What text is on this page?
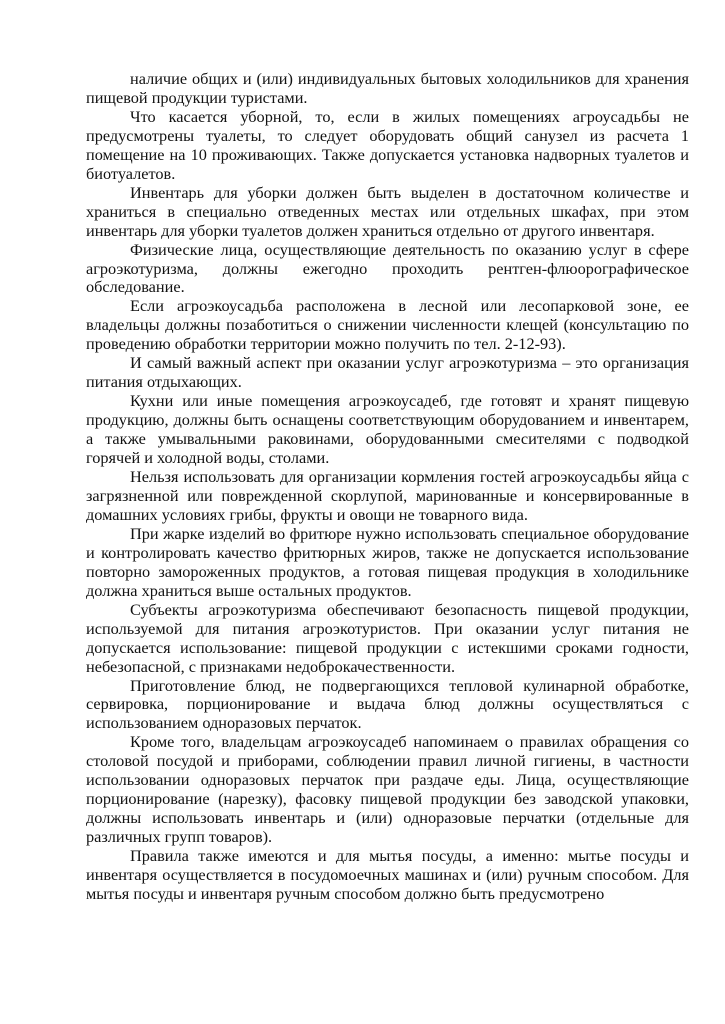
наличие общих и (или) индивидуальных бытовых холодильников для хранения пищевой продукции туристами.

Что касается уборной, то, если в жилых помещениях агроусадьбы не предусмотрены туалеты, то следует оборудовать общий санузел из расчета 1 помещение на 10 проживающих. Также допускается установка надворных туалетов и биотуалетов.

Инвентарь для уборки должен быть выделен в достаточном количестве и храниться в специально отведенных местах или отдельных шкафах, при этом инвентарь для уборки туалетов должен храниться отдельно от другого инвентаря.

Физические лица, осуществляющие деятельность по оказанию услуг в сфере агроэкотуризма, должны ежегодно проходить рентген-флюорографическое обследование.

Если агроэкоусадьба расположена в лесной или лесопарковой зоне, ее владельцы должны позаботиться о снижении численности клещей (консультацию по проведению обработки территории можно получить по тел. 2-12-93).

И самый важный аспект при оказании услуг агроэкотуризма – это организация питания отдыхающих.

Кухни или иные помещения агроэкоусадеб, где готовят и хранят пищевую продукцию, должны быть оснащены соответствующим оборудованием и инвентарем, а также умывальными раковинами, оборудованными смесителями с подводкой горячей и холодной воды, столами.

Нельзя использовать для организации кормления гостей агроэкоусадьбы яйца с загрязненной или поврежденной скорлупой, маринованные и консервированные в домашних условиях грибы, фрукты и овощи не товарного вида.

При жарке изделий во фритюре нужно использовать специальное оборудование и контролировать качество фритюрных жиров, также не допускается использование повторно замороженных продуктов, а готовая пищевая продукция в холодильнике должна храниться выше остальных продуктов.

Субъекты агроэкотуризма обеспечивают безопасность пищевой продукции, используемой для питания агроэкотуристов. При оказании услуг питания не допускается использование: пищевой продукции с истекшими сроками годности, небезопасной, с признаками недоброкачественности.

Приготовление блюд, не подвергающихся тепловой кулинарной обработке, сервировка, порционирование и выдача блюд должны осуществляться с использованием одноразовых перчаток.

Кроме того, владельцам агроэкоусадеб напоминаем о правилах обращения со столовой посудой и приборами, соблюдении правил личной гигиены, в частности использовании одноразовых перчаток при раздаче еды. Лица, осуществляющие порционирование (нарезку), фасовку пищевой продукции без заводской упаковки, должны использовать инвентарь и (или) одноразовые перчатки (отдельные для различных групп товаров).

Правила также имеются и для мытья посуды, а именно: мытье посуды и инвентаря осуществляется в посудомоечных машинах и (или) ручным способом. Для мытья посуды и инвентаря ручным способом должно быть предусмотрено
